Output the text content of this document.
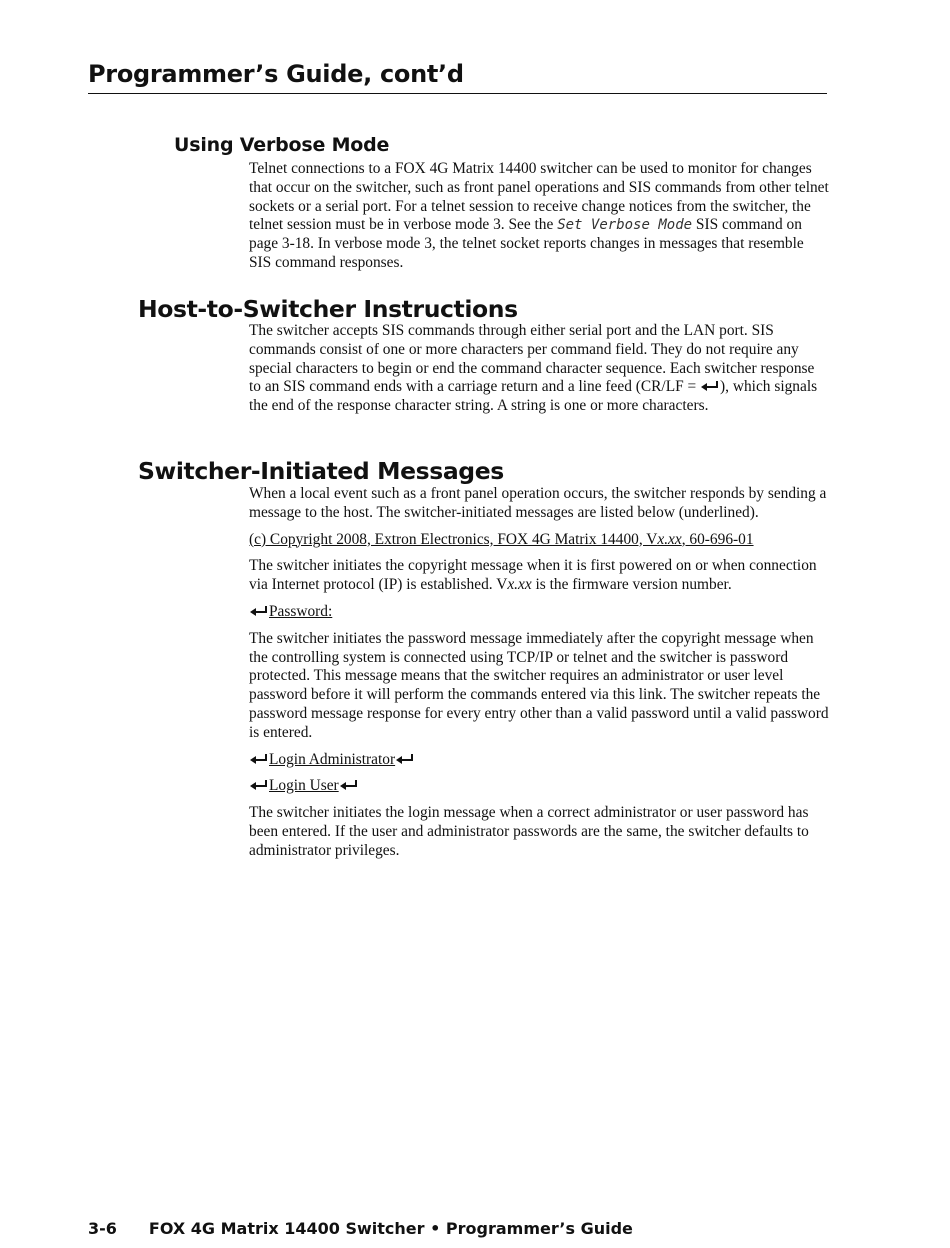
Programmer’s Guide, cont’d
Using Verbose Mode

Telnet connections to a FOX 4G Matrix 14400 switcher can be used to monitor for changes that occur on the switcher, such as front panel operations and SIS commands from other telnet sockets or a serial port. For a telnet session to receive change notices from the switcher, the telnet session must be in verbose mode 3. See the Set Verbose Mode SIS command on page 3-18. In verbose mode 3, the telnet socket reports changes in messages that resemble SIS command responses.

Host-to-Switcher Instructions

The switcher accepts SIS commands through either serial port and the LAN port. SIS commands consist of one or more characters per command field. They do not require any special characters to begin or end the command character sequence. Each switcher response to an SIS command ends with a carriage return and a line feed (CR/LF = ), which signals the end of the response character string. A string is one or more characters.

Switcher-Initiated Messages

When a local event such as a front panel operation occurs, the switcher responds by sending a message to the host. The switcher-initiated messages are listed below (underlined).

(c) Copyright 2008, Extron Electronics, FOX 4G Matrix 14400, Vx.xx, 60-696-01

The switcher initiates the copyright message when it is first powered on or when connection via Internet protocol (IP) is established. Vx.xx is the firmware version number.

Password:

The switcher initiates the password message immediately after the copyright message when the controlling system is connected using TCP/IP or telnet and the switcher is password protected. This message means that the switcher requires an administrator or user level password before it will perform the commands entered via this link. The switcher repeats the password message response for every entry other than a valid password until a valid password is entered.

Login Administrator

Login User

The switcher initiates the login message when a correct administrator or user password has been entered. If the user and administrator passwords are the same, the switcher defaults to administrator privileges.

3-6 FOX 4G Matrix 14400 Switcher • Programmer’s Guide
